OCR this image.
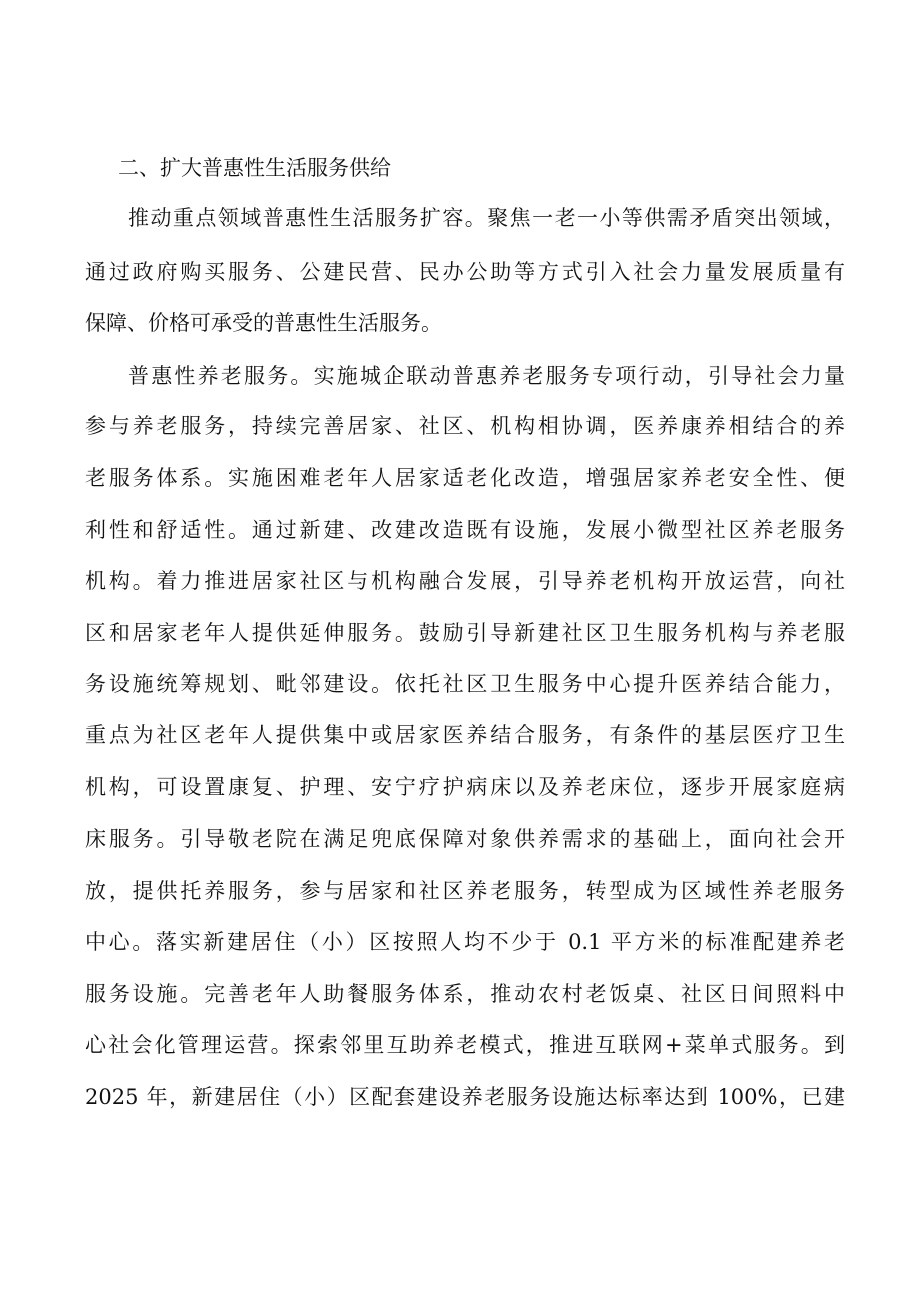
二、扩大普惠性生活服务供给

推动重点领域普惠性生活服务扩容。聚焦一老一小等供需矛盾突出领域，

通过政府购买服务、公建民营、民办公助等方式引入社会力量发展质量有

保障、价格可承受的普惠性生活服务。

普惠性养老服务。实施城企联动普惠养老服务专项行动，引导社会力量

参与养老服务，持续完善居家、社区、机构相协调，医养康养相结合的养

老服务体系。实施困难老年人居家适老化改造，增强居家养老安全性、便

利性和舒适性。通过新建、改建改造既有设施，发展小微型社区养老服务

机构。着力推进居家社区与机构融合发展，引导养老机构开放运营，向社

区和居家老年人提供延伸服务。鼓励引导新建社区卫生服务机构与养老服

务设施统筹规划、毗邻建设。依托社区卫生服务中心提升医养结合能力，

重点为社区老年人提供集中或居家医养结合服务，有条件的基层医疗卫生

机构，可设置康复、护理、安宁疗护病床以及养老床位，逐步开展家庭病

床服务。引导敬老院在满足兜底保障对象供养需求的基础上，面向社会开

放，提供托养服务，参与居家和社区养老服务，转型成为区域性养老服务

中心。落实新建居住（小）区按照人均不少于 0.1 平方米的标准配建养老

服务设施。完善老年人助餐服务体系，推动农村老饭桌、社区日间照料中

心社会化管理运营。探索邻里互助养老模式，推进互联网+菜单式服务。到

2025 年，新建居住（小）区配套建设养老服务设施达标率达到 100%，已建
